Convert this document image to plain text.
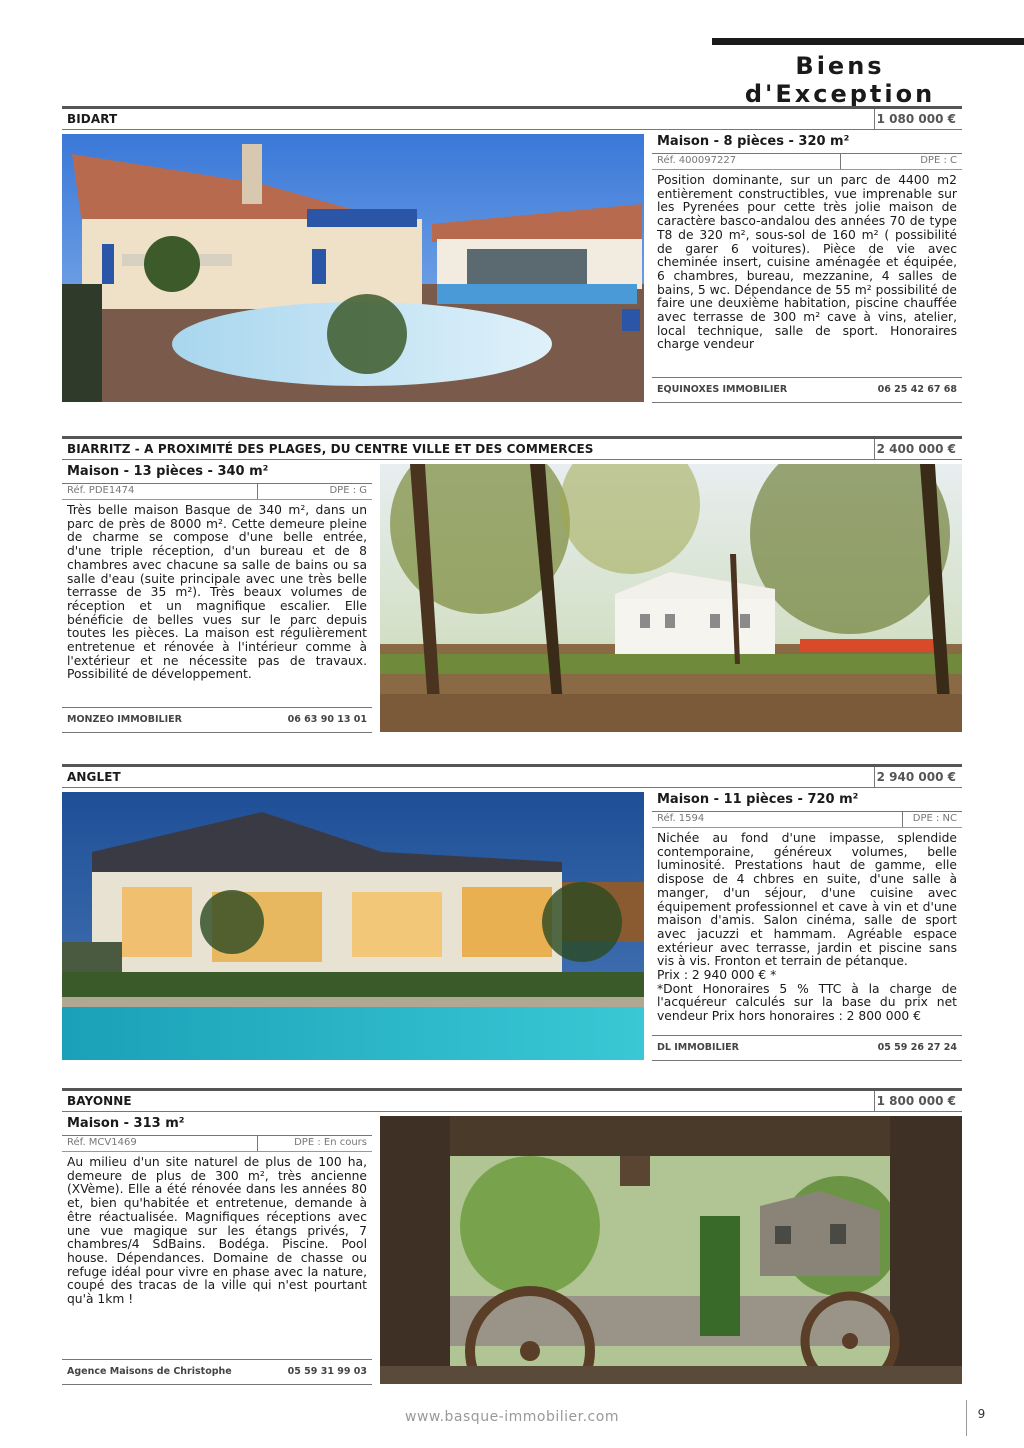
Biens d'Exception
BIDART	1 080 000 €
Maison - 8 pièces - 320 m²
Réf. 400097227	DPE : C

Position dominante, sur un parc de 4400 m2 entièrement constructibles, vue imprenable sur les Pyrenées pour cette très jolie maison de caractère basco-andalou des années 70 de type T8 de 320 m², sous-sol de 160 m² ( possibilité de garer 6 voitures). Pièce de vie avec cheminée insert, cuisine aménagée et équipée, 6 chambres, bureau, mezzanine, 4 salles de bains, 5 wc. Dépendance de 55 m² possibilité de faire une deuxième habitation, piscine chauffée avec terrasse de 300 m² cave à vins, atelier, local technique, salle de sport. Honoraires charge vendeur

EQUINOXES IMMOBILIER	06 25 42 67 68
BIARRITZ - A PROXIMITÉ DES PLAGES, DU CENTRE VILLE ET DES COMMERCES	2 400 000 €
Maison - 13 pièces - 340 m²
Réf. PDE1474	DPE : G

Très belle maison Basque de 340 m², dans un parc de près de 8000 m². Cette demeure pleine de charme se compose d'une belle entrée, d'une triple réception, d'un bureau et de 8 chambres avec chacune sa salle de bains ou sa salle d'eau (suite principale avec une très belle terrasse de 35 m²). Très beaux volumes de réception et un magnifique escalier. Elle bénéficie de belles vues sur le parc depuis toutes les pièces. La maison est régulièrement entretenue et rénovée à l'intérieur comme à l'extérieur et ne nécessite pas de travaux. Possibilité de développement.

MONZEO IMMOBILIER	06 63 90 13 01
ANGLET	2 940 000 €
Maison - 11 pièces - 720 m²
Réf. 1594	DPE : NC
Nichée au fond d'une impasse, splendide contemporaine, généreux volumes, belle luminosité. Prestations haut de gamme, elle dispose de 4 chbres en suite, d'une salle à manger, d'un séjour, d'une cuisine avec équipement professionnel et cave à vin et d'une maison d'amis. Salon cinéma, salle de sport avec jacuzzi et hammam. Agréable espace extérieur avec terrasse, jardin et piscine sans vis à vis. Fronton et terrain de pétanque.
Prix : 2 940 000 € *
*Dont Honoraires 5 % TTC à la charge de l'acquéreur calculés sur la base du prix net vendeur Prix hors honoraires : 2 800 000 €
DL IMMOBILIER	05 59 26 27 24
BAYONNE	1 800 000 €
Maison - 313 m²
Réf. MCV1469	DPE : En cours

Au milieu d'un site naturel de plus de 100 ha, demeure de plus de 300 m², très ancienne (XVème). Elle a été rénovée dans les années 80 et, bien qu'habitée et entretenue, demande à être réactualisée. Magnifiques réceptions avec une vue magique sur les étangs privés, 7 chambres/4 SdBains. Bodéga. Piscine. Pool house. Dépendances. Domaine de chasse ou refuge idéal pour vivre en phase avec la nature, coupé des tracas de la ville qui n'est pourtant qu'à 1km !

Agence Maisons de Christophe	05 59 31 99 03
www.basque-immobilier.com	9
